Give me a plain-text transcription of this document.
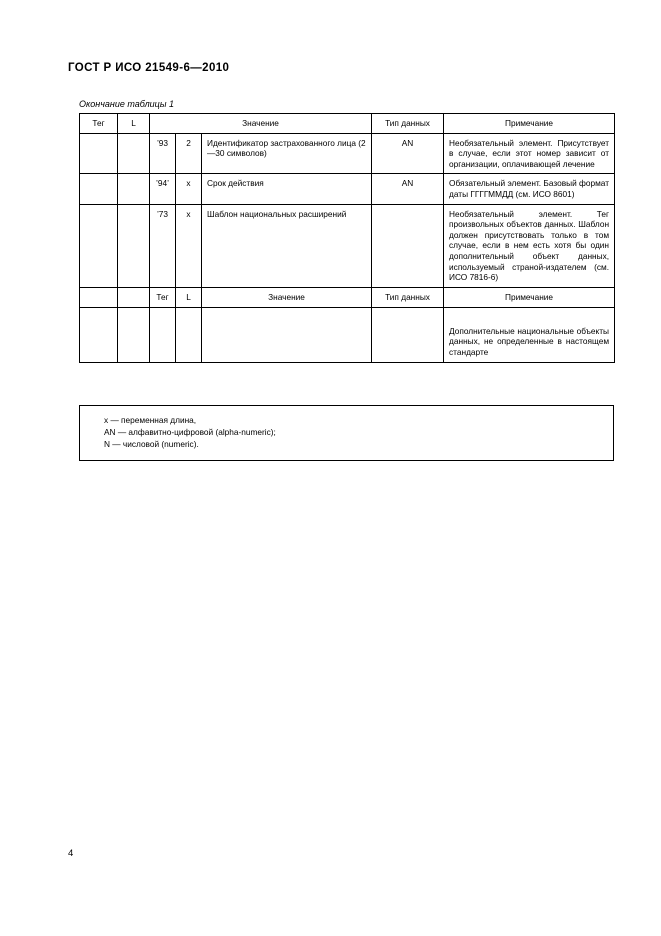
ГОСТ Р ИСО 21549-6—2010
Окончание таблицы 1
Тег	L	Значение			Тип данных	Примечание
		’93	2	Идентификатор застрахованного лица (2—30 символов)	AN	Необязательный элемент. Присутствует в случае, если этот номер зависит от организации, оплачивающей лечение
		’94’	x	Срок действия	AN	Обязательный элемент. Базовый формат даты ГГГГММДД (см. ИСО 8601)
		’73	x	Шаблон национальных расширений		Необязательный элемент. Тег произвольных объектов данных. Шаблон должен присутствовать только в том случае, если в нем есть хотя бы один дополнительный объект данных, используемый страной-издателем (см. ИСО 7816-6)
		Тег	L	Значение	Тип данных	Примечание
						Дополнительные национальные объекты данных, не определенные в настоящем стандарте
x — переменная длина,
AN — алфавитно-цифровой (alpha-numeric);
N — числовой (numeric).
4
